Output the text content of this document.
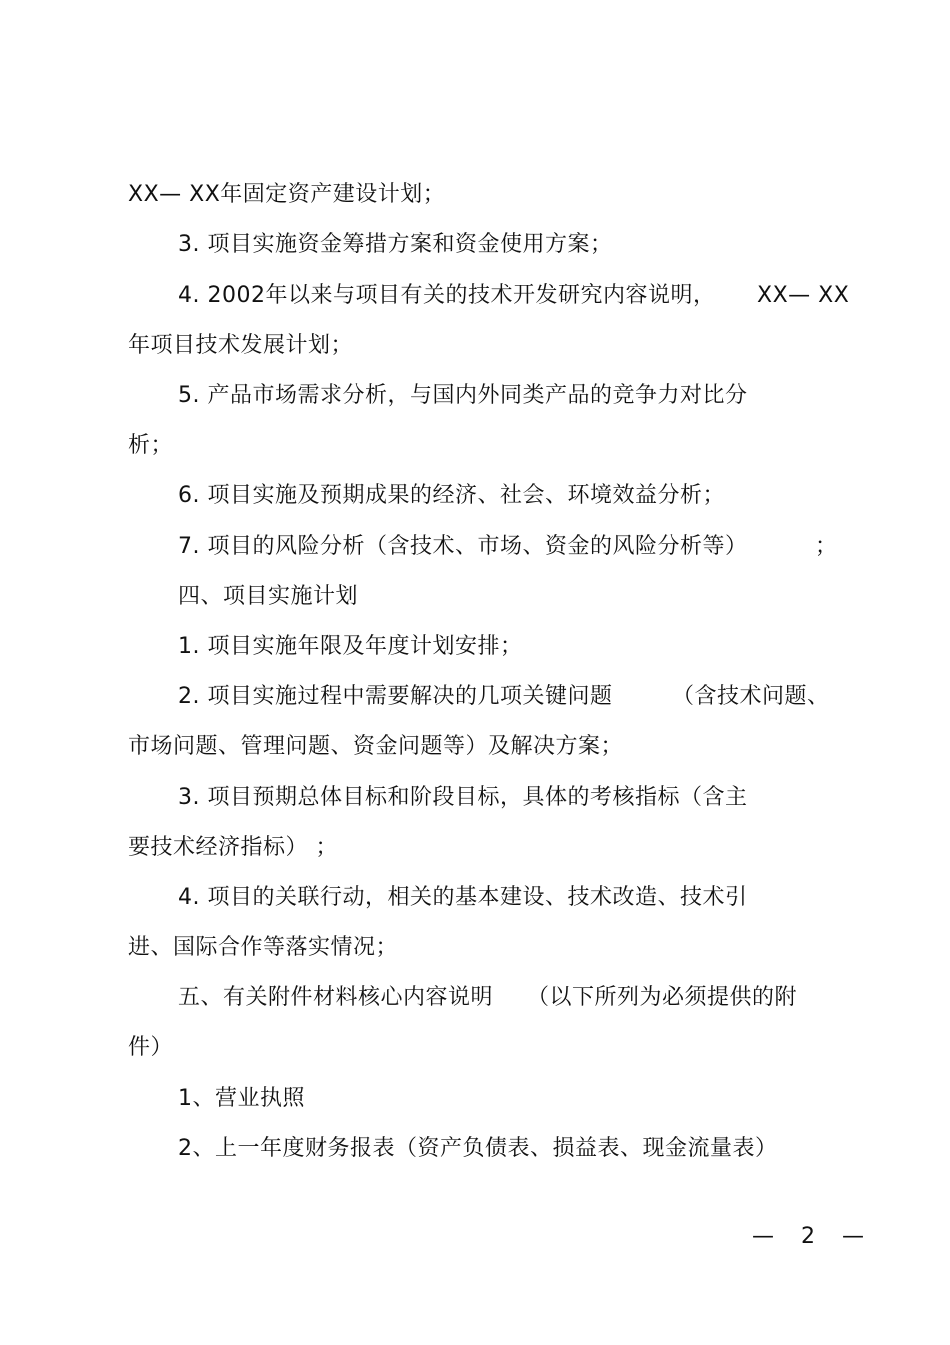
XX— XX年固定资产建设计划；
3. 项目实施资金筹措方案和资金使用方案；
4. 2002年以来与项目有关的技术开发研究内容说明， XX— XX
年项目技术发展计划；
5. 产品市场需求分析，与国内外同类产品的竞争力对比分
析；
6. 项目实施及预期成果的经济、社会、环境效益分析；
7. 项目的风险分析（含技术、市场、资金的风险分析等）	；
四、项目实施计划
1. 项目实施年限及年度计划安排；
2. 项目实施过程中需要解决的几项关键问题	（含技术问题、
市场问题、管理问题、资金问题等）及解决方案；
3. 项目预期总体目标和阶段目标，具体的考核指标（含主
要技术经济指标） ；
4. 项目的关联行动，相关的基本建设、技术改造、技术引
进、国际合作等落实情况；
五、有关附件材料核心内容说明 （以下所列为必须提供的附
件）
1、营业执照
2、上一年度财务报表（资产负债表、损益表、现金流量表）
— 2 —
